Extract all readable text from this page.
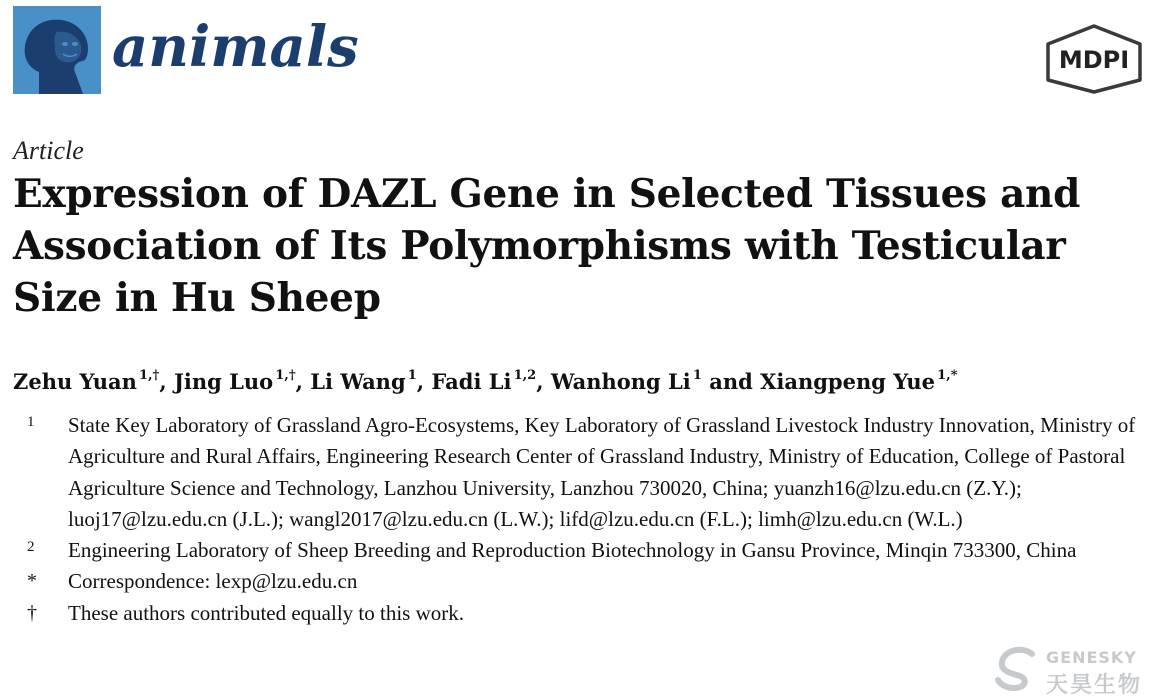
animals	MDPI
Article
Expression of DAZL Gene in Selected Tissues and Association of Its Polymorphisms with Testicular Size in Hu Sheep

Zehu Yuan  $^{1,\dagger}$, Jing Luo  $^{1,\dagger}$, Li Wang  $^1$, Fadi Li  $^{1,2}$, Wanhong Li  $^1$ and Xiangpeng Yue  $^{1,*}$

1 State Key Laboratory of Grassland Agro-Ecosystems, Key Laboratory of Grassland Livestock Industry Innovation, Ministry of Agriculture and Rural Affairs, Engineering Research Center of Grassland Industry, Ministry of Education, College of Pastoral Agriculture Science and Technology, Lanzhou University, Lanzhou 730020, China; yuanzh16@lzu.edu.cn (Z.Y.); luoj17@lzu.edu.cn (J.L.); wangl2017@lzu.edu.cn (L.W.); lifd@lzu.edu.cn (F.L.); limh@lzu.edu.cn (W.L.)

2 Engineering Laboratory of Sheep Breeding and Reproduction Biotechnology in Gansu Province, Minqin 733300, China

* Correspondence: lexp@lzu.edu.cn

† These authors contributed equally to this work.

GENESKY
天昊生物
